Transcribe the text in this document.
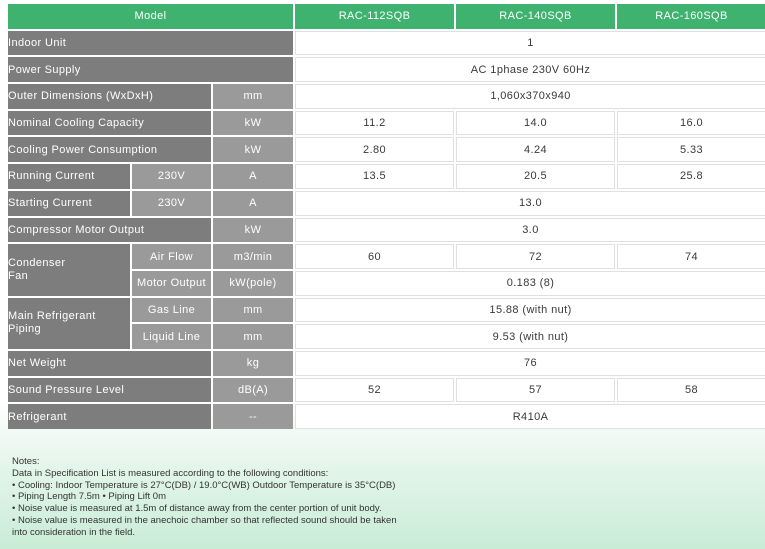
Model			RAC-112SQB	RAC-140SQB	RAC-160SQB
Indoor Unit			1		
Power Supply			AC 1phase 230V 60Hz		
Outer Dimensions (WxDxH)		mm	1,060x370x940		
Nominal Cooling Capacity		kW	11.2	14.0	16.0
Cooling Power Consumption		kW	2.80	4.24	5.33
Running Current	230V	A	13.5	20.5	25.8
Starting Current	230V	A	13.0		
Compressor Motor Output		kW	3.0		

Condenser
Fan	Air Flow	m3/min	60	72	74
	Motor Output	kW(pole)	0.183 (8)		

Main Refrigerant
Piping	Gas Line	mm	15.88 (with nut)		
	Liquid Line	mm	9.53 (with nut)		
Net Weight		kg	76		
Sound Pressure Level		dB(A)	52	57	58
Refrigerant		--	R410A		
Notes:
Data in Specification List is measured according to the following conditions:
• Cooling: Indoor Temperature is 27°C(DB) / 19.0°C(WB) Outdoor Temperature is 35°C(DB)
• Piping Length 7.5m • Piping Lift 0m
• Noise value is measured at 1.5m of distance away from the center portion of unit body.
• Noise value is measured in the anechoic chamber so that reflected sound should be taken
into consideration in the field.
